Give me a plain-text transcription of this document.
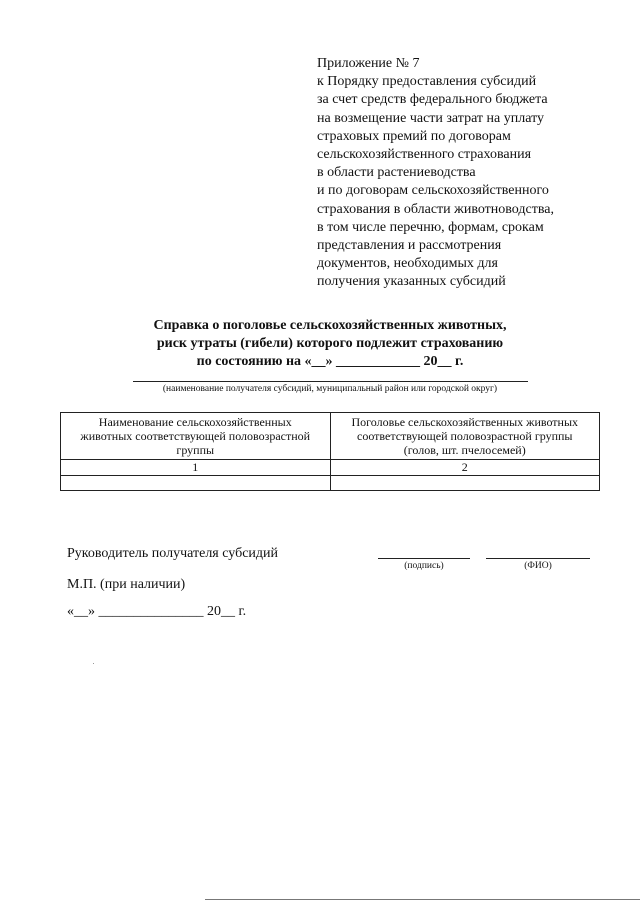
Приложение № 7
к Порядку предоставления субсидий
за счет средств федерального бюджета
на возмещение части затрат на уплату
страховых премий по договорам
сельскохозяйственного страхования
в области растениеводства
и по договорам сельскохозяйственного
страхования в области животноводства,
в том числе перечню, формам, срокам
представления и рассмотрения
документов, необходимых для
получения указанных субсидий
Справка о поголовье сельскохозяйственных животных,
риск утраты (гибели) которого подлежит страхованию
по состоянию на «__» ____________ 20__ г.
(наименование получателя субсидий, муниципальный район или городской округ)
Наименование сельскохозяйственных
животных соответствующей половозрастной
группы	Поголовье сельскохозяйственных животных
соответствующей половозрастной группы
(голов, шт. пчелосемей)

1	2

Руководитель получателя субсидий
(подпись)	(ФИО)
М.П. (при наличии)
«__» _______________ 20__ г.
